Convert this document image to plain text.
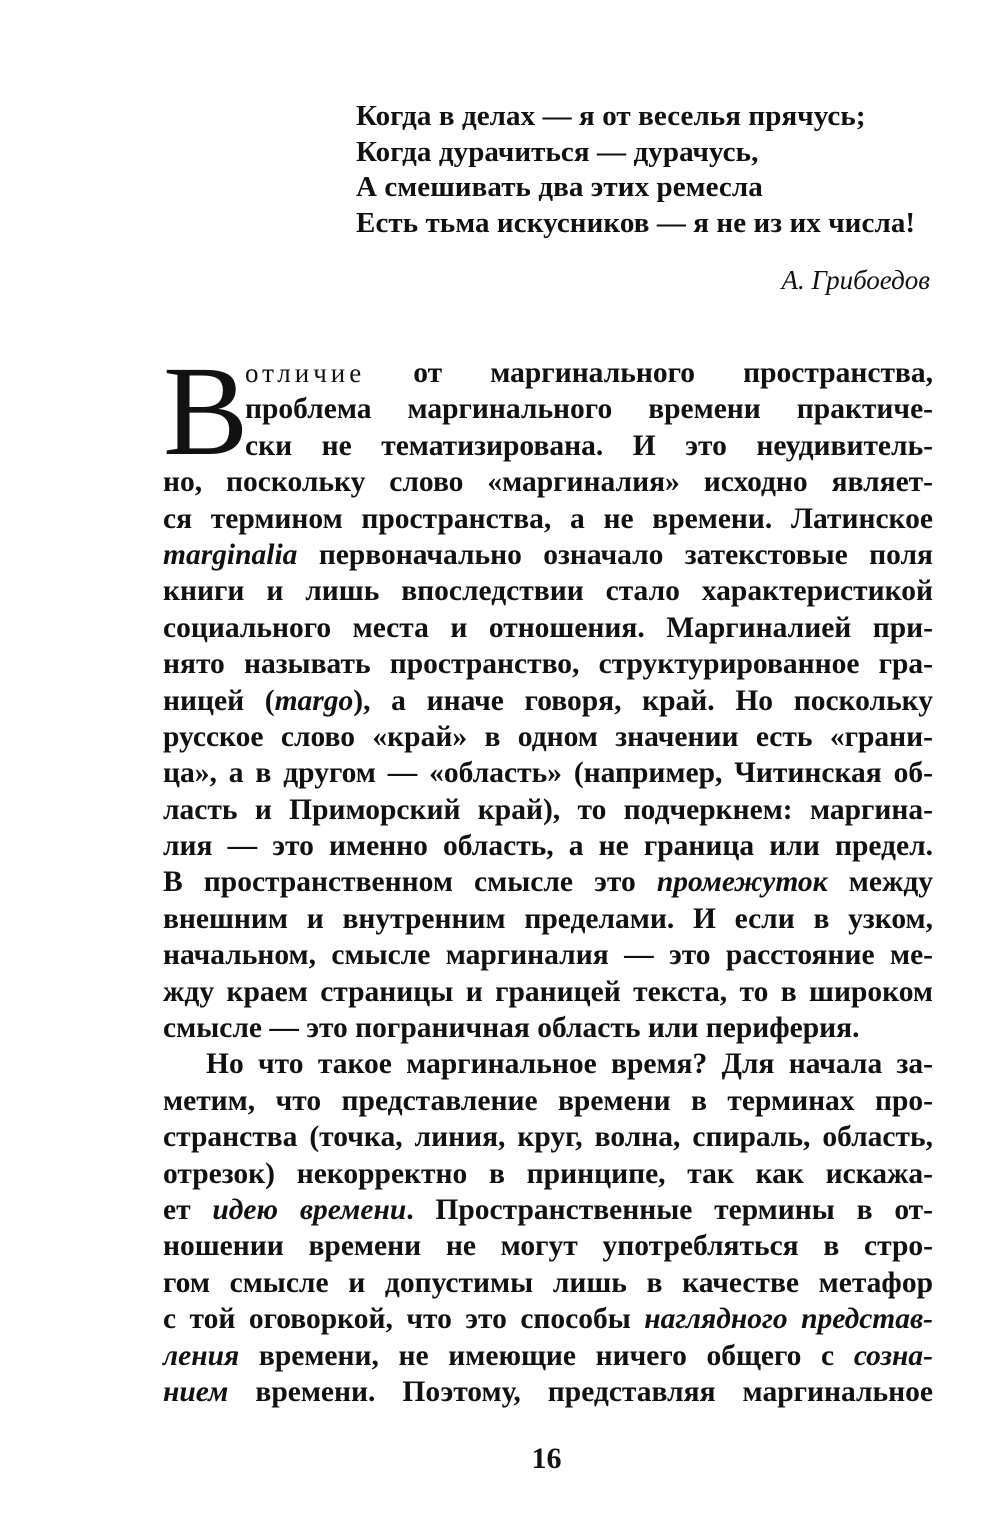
Когда в делах — я от веселья прячусь;
Когда дурачиться — дурачусь,
А смешивать два этих ремесла
Есть тьма искусников — я не из их числа!
А. Грибоедов
В
отличие от маргинального пространства,
проблема маргинального времени практиче-
ски не тематизирована. И это неудивитель-
но, поскольку слово «маргиналия» исходно являет-
ся термином пространства, а не времени. Латинское
marginalia первоначально означало затекстовые поля
книги и лишь впоследствии стало характеристикой
социального места и отношения. Маргиналией при-
нято называть пространство, структурированное гра-
ницей (margo), а иначе говоря, край. Но поскольку
русское слово «край» в одном значении есть «грани-
ца», а в другом — «область» (например, Читинская об-
ласть и Приморский край), то подчеркнем: маргина-
лия — это именно область, а не граница или предел.
В пространственном смысле это промежуток между
внешним и внутренним пределами. И если в узком,
начальном, смысле маргиналия — это расстояние ме-
жду краем страницы и границей текста, то в широком
смысле — это пограничная область или периферия.
Но что такое маргинальное время? Для начала за-
метим, что представление времени в терминах про-
странства (точка, линия, круг, волна, спираль, область,
отрезок) некорректно в принципе, так как искажа-
ет идею времени. Пространственные термины в от-
ношении времени не могут употребляться в стро-
гом смысле и допустимы лишь в качестве метафор
с той оговоркой, что это способы наглядного представ-
ления времени, не имеющие ничего общего с созна-
нием времени. Поэтому, представляя маргинальное
16
